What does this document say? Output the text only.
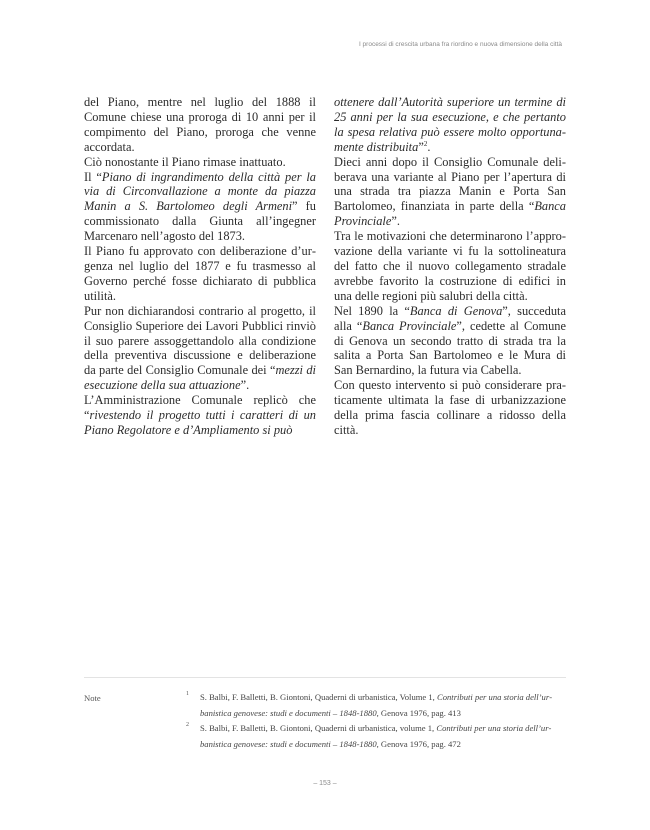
I processi di crescita urbana fra riordino e nuova dimensione della città

del Piano, mentre nel luglio del 1888 il Comune chiese una proroga di 10 anni per il compimento del Piano, proroga che venne accordata.

Ciò nonostante il Piano rimase inattuato.

Il “Piano di ingrandimento della città per la via di Circonvallazione a monte da piazza Manin a S. Bartolomeo degli Armeni” fu commissionato dalla Giunta all’ingegner Marcenaro nell’agosto del 1873.

Il Piano fu approvato con deliberazione d’urgenza nel luglio del 1877 e fu trasmesso al Governo perché fosse dichiarato di pubblica utilità.

Pur non dichiarandosi contrario al progetto, il Consiglio Superiore dei Lavori Pubblici rinviò il suo parere assoggettandolo alla condizione della preventiva discussione e deliberazione da parte del Consiglio Comunale dei “mezzi di esecuzione della sua attuazione”.

L’Amministrazione Comunale replicò che “rivestendo il progetto tutti i caratteri di un Piano Regolatore e d’Ampliamento si può

ottenere dall’Autorità superiore un termine di 25 anni per la sua esecuzione, e che pertanto la spesa relativa può essere molto opportunamente distribuita”$^2$.

Dieci anni dopo il Consiglio Comunale deliberava una variante al Piano per l’apertura di una strada tra piazza Manin e Porta San Bartolomeo, finanziata in parte della “Banca Provinciale”.

Tra le motivazioni che determinarono l’approvazione della variante vi fu la sottolineatura del fatto che il nuovo collegamento stradale avrebbe favorito la costruzione di edifici in una delle regioni più salubri della città.

Nel 1890 la “Banca di Genova”, succeduta alla “Banca Provinciale”, cedette al Comune di Genova un secondo tratto di strada tra la salita a Porta San Bartolomeo e le Mura di San Bernardino, la futura via Cabella.

Con questo intervento si può considerare praticamente ultimata la fase di urbanizzazione della prima fascia collinare a ridosso della città.

Note	1	S. Balbi, F. Balletti, B. Giontoni, Quaderni di urbanistica, Volume 1, Contributi per una storia dell’urbanistica genovese: studi e documenti – 1848-1880, Genova 1976, pag. 413
2	S. Balbi, F. Balletti, B. Giontoni, Quaderni di urbanistica, volume 1, Contributi per una storia dell’urbanistica genovese: studi e documenti – 1848-1880, Genova 1976, pag. 472
– 153 –
